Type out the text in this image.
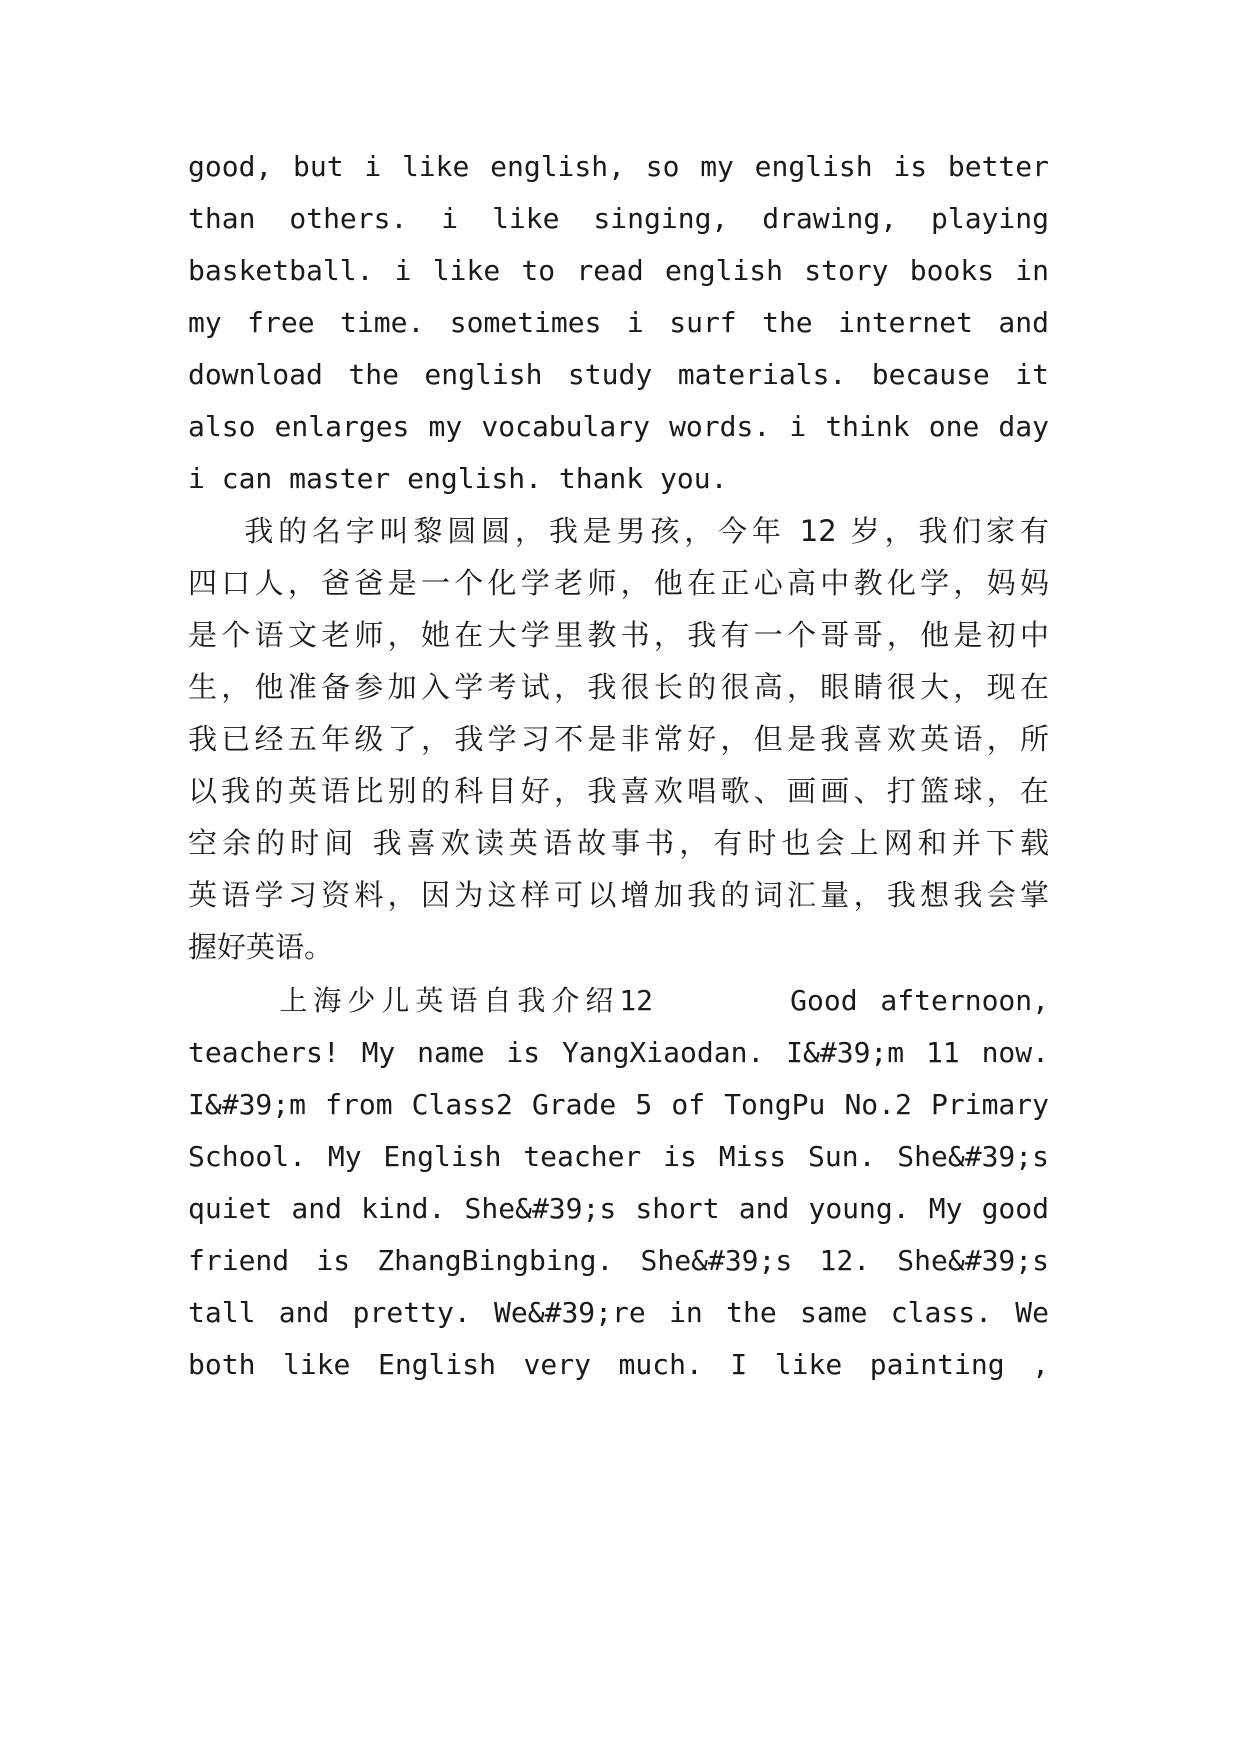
good, but i like english, so my english is better
than others. i like singing, drawing, playing
basketball. i like to read english story books in
my free time. sometimes i surf the internet and
download the english study materials. because it
also enlarges my vocabulary words. i think one day
i can master english. thank you.
我的名字叫黎圆圆，我是男孩，今年 12 岁，我们家有
四口人，爸爸是一个化学老师，他在正心高中教化学，妈妈
是个语文老师，她在大学里教书，我有一个哥哥，他是初中
生，他准备参加入学考试，我很长的很高，眼睛很大，现在
我已经五年级了，我学习不是非常好，但是我喜欢英语，所
以我的英语比别的科目好，我喜欢唱歌、画画、打篮球，在
空余的时间 我喜欢读英语故事书，有时也会上网和并下载
英语学习资料，因为这样可以增加我的词汇量，我想我会掌
握好英语。
上海少儿英语自我介绍12      Good afternoon,
teachers! My name is YangXiaodan. I&#39;m 11 now.
I&#39;m from Class2 Grade 5 of TongPu No.2 Primary
School. My English teacher is Miss Sun. She&#39;s
quiet and kind. She&#39;s short and young. My good
friend is ZhangBingbing. She&#39;s 12. She&#39;s
tall and pretty. We&#39;re in the same class. We
both like English very much. I like painting ,
